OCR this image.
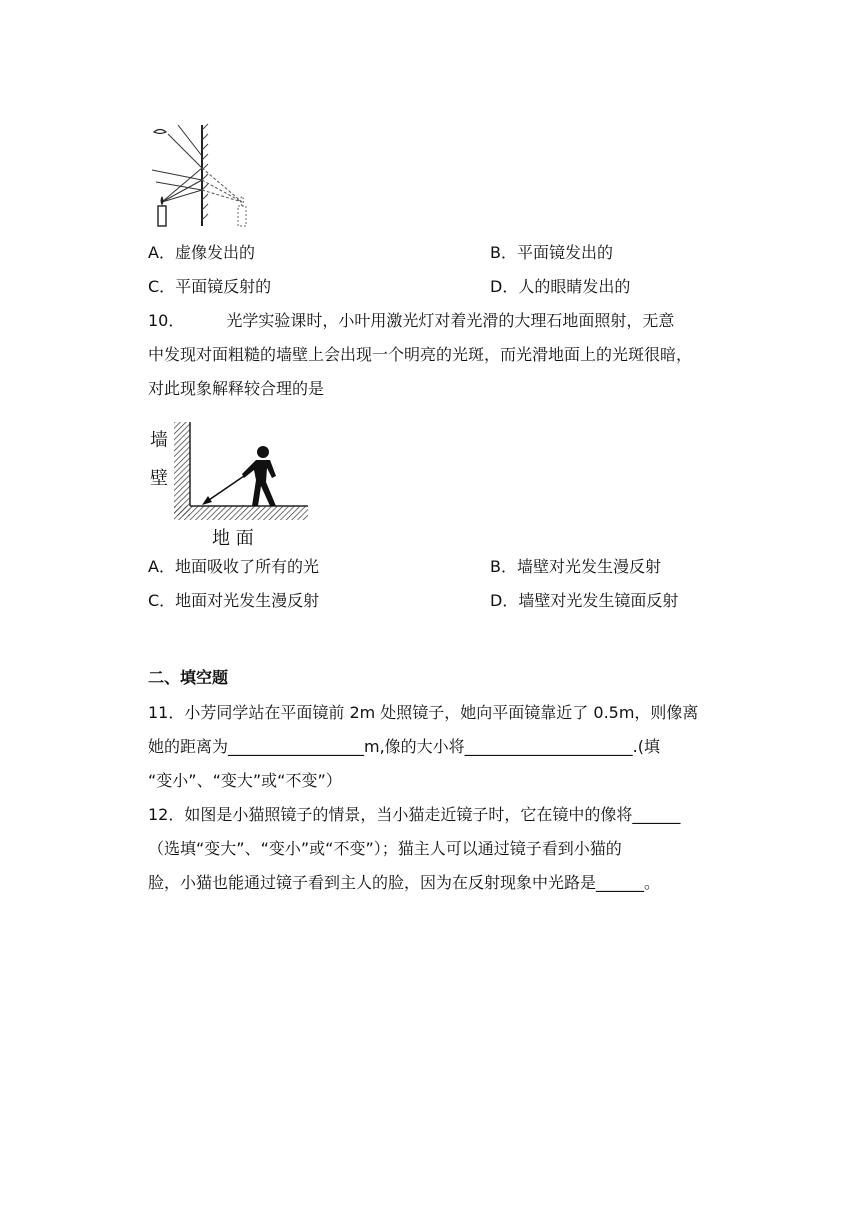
A．虚像发出的	B．平面镜发出的
C．平面镜反射的	D．人的眼睛发出的
10．	光学实验课时，小叶用激光灯对着光滑的大理石地面照射，无意
中发现对面粗糙的墙壁上会出现一个明亮的光斑，而光滑地面上的光斑很暗，
对此现象解释较合理的是
墙
壁
地 面
A．地面吸收了所有的光	B．墙壁对光发生漫反射
C．地面对光发生漫反射	D．墙壁对光发生镜面反射
二、填空题
11．小芳同学站在平面镜前 2m 处照镜子，她向平面镜靠近了 0.5m，则像离
她的距离为_________________m,像的大小将_____________________.(填
“变小”、“变大”或“不变”）
12．如图是小猫照镜子的情景，当小猫走近镜子时，它在镜中的像将______
（选填“变大”、“变小”或“不变”）；猫主人可以通过镜子看到小猫的
脸，小猫也能通过镜子看到主人的脸，因为在反射现象中光路是______。
